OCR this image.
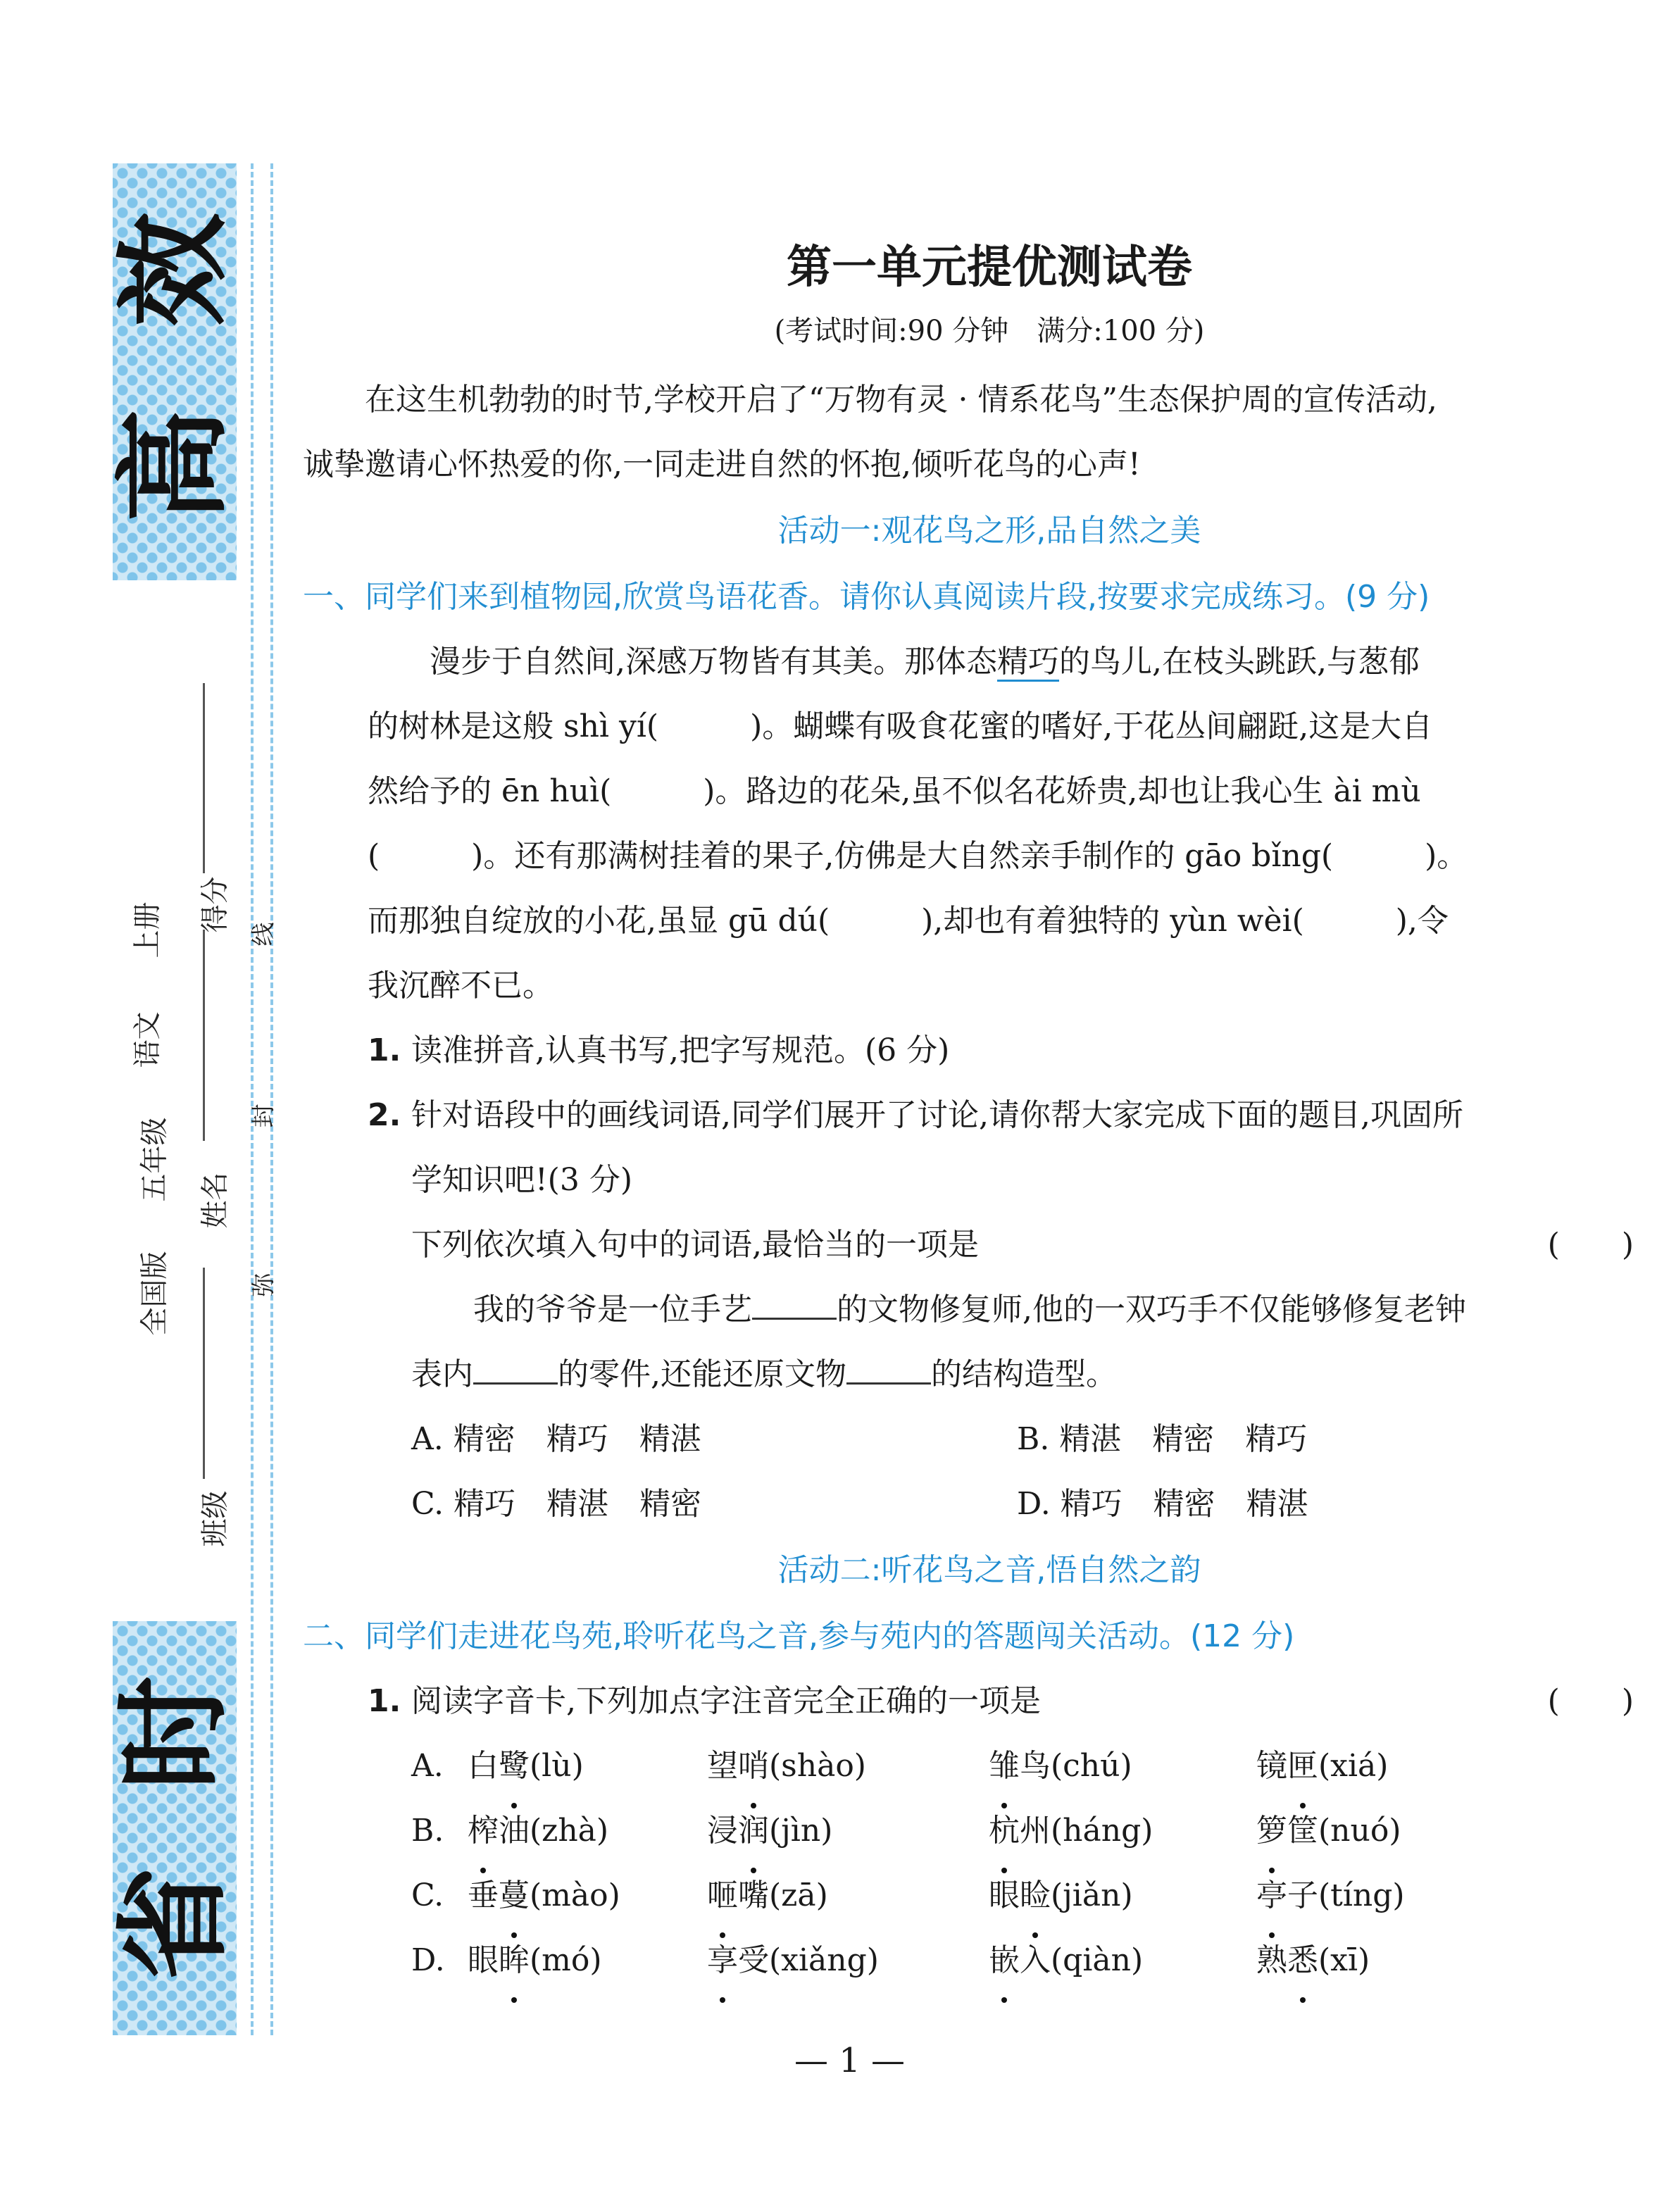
效
高
时
省
全国版
五年级
语文
上册
班级
姓名
得分
弥
封
线
第一单元提优测试卷
(考试时间:90 分钟　满分:100 分)

在这生机勃勃的时节,学校开启了“万物有灵 · 情系花鸟”生态保护周的宣传活动,

诚挚邀请心怀热爱的你,一同走进自然的怀抱,倾听花鸟的心声!

活动一:观花鸟之形,品自然之美
一、同学们来到植物园,欣赏鸟语花香。请你认真阅读片段,按要求完成练习。(9 分)

漫步于自然间,深感万物皆有其美。那体态精巧的鸟儿,在枝头跳跃,与葱郁

的树林是这般 shì yí(	)。蝴蝶有吸食花蜜的嗜好,于花丛间翩跹,这是大自

然给予的 ēn huì(	)。路边的花朵,虽不似名花娇贵,却也让我心生 ài mù

(	)。还有那满树挂着的果子,仿佛是大自然亲手制作的 gāo bǐng(	)。

而那独自绽放的小花,虽显 gū dú(	),却也有着独特的 yùn wèi(	),令

我沉醉不已。

1. 读准拼音,认真书写,把字写规范。(6 分)
2. 针对语段中的画线词语,同学们展开了讨论,请你帮大家完成下面的题目,巩固所

学知识吧!(3 分)

下列依次填入句中的词语,最恰当的一项是	(　　)

我的爷爷是一位手艺	的文物修复师,他的一双巧手不仅能够修复老钟

表内	的零件,还能还原文物	的结构造型。

A. 精密　精巧　精湛	B. 精湛　精密　精巧
C. 精巧　精湛　精密	D. 精巧　精密　精湛
活动二:听花鸟之音,悟自然之韵
二、同学们走进花鸟苑,聆听花鸟之音,参与苑内的答题闯关活动。(12 分)
1. 阅读字音卡,下列加点字注音完全正确的一项是	(　　)
A. 白鹭(lù)	望哨(shào)	雏鸟(chú)	镜匣(xiá)
B. 榨油(zhà)	浸润(jìn)	杭州(háng)	箩筐(nuó)
C. 垂蔓(mào)	咂嘴(zā)	眼睑(jiǎn)	亭子(tíng)
D. 眼眸(mó)	享受(xiǎng)	嵌入(qiàn)	熟悉(xī)
— 1 —
